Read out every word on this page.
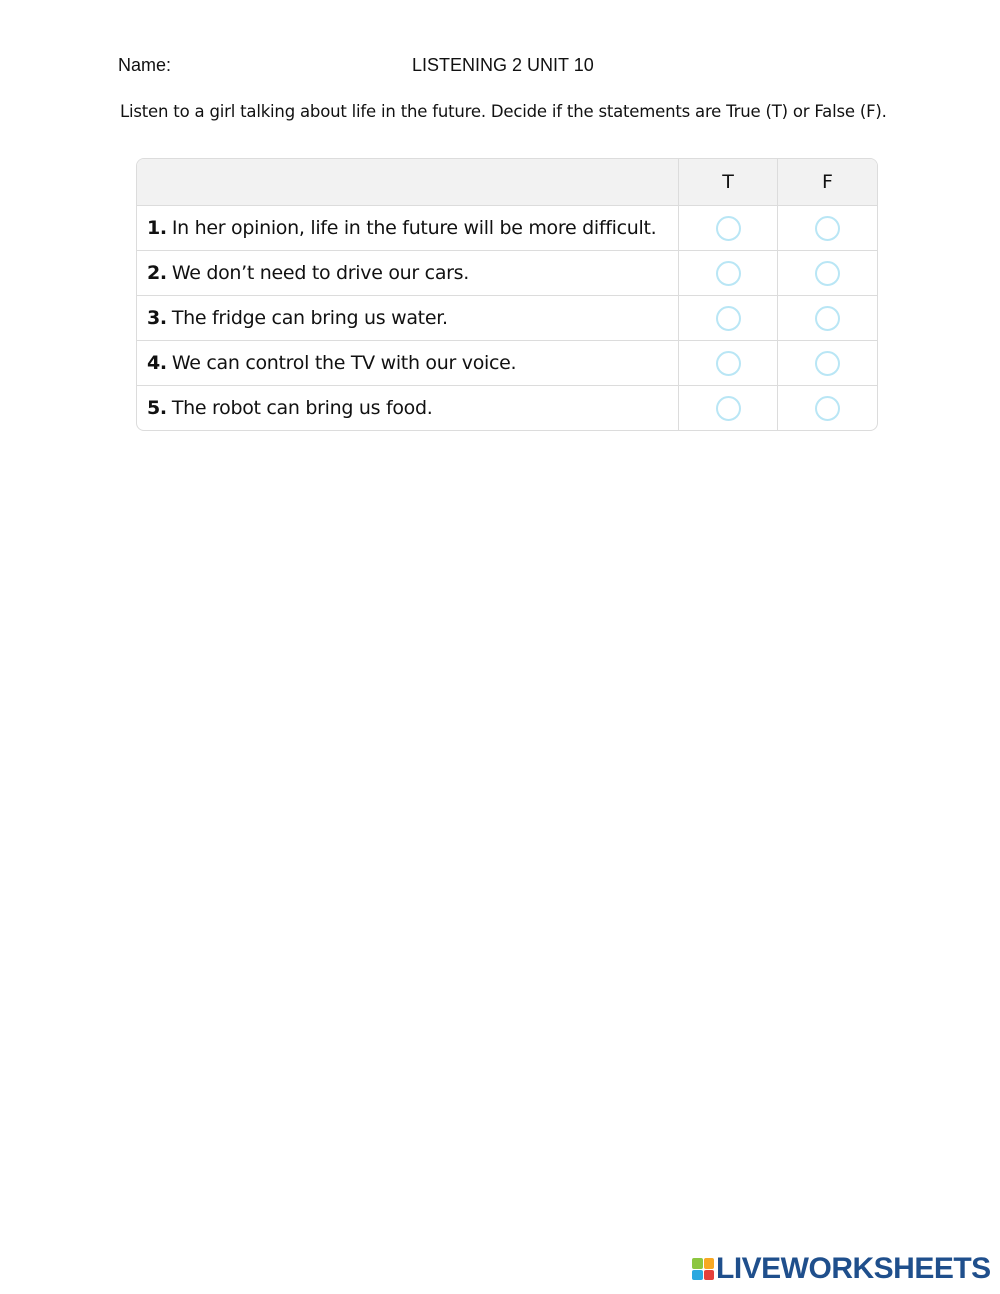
Name:	LISTENING 2 UNIT 10
Listen to a girl talking about life in the future. Decide if the statements are True (T) or False (F).
T	F
1. In her opinion, life in the future will be more difficult.
2. We don’t need to drive our cars.
3. The fridge can bring us water.
4. We can control the TV with our voice.
5. The robot can bring us food.
LIVEWORKSHEETS
